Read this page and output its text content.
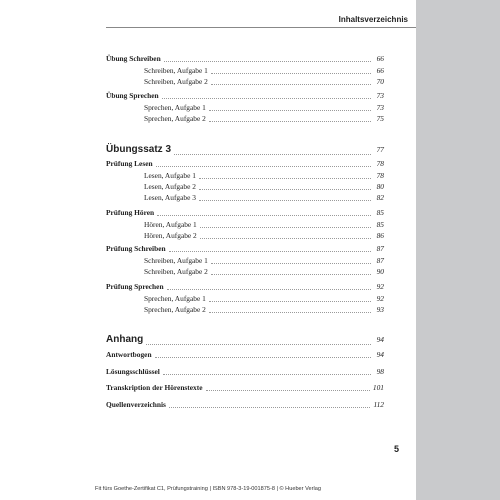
Inhaltsverzeichnis
Übung Schreiben	66
Schreiben, Aufgabe 1	66
Schreiben, Aufgabe 2	70
Übung Sprechen	73
Sprechen, Aufgabe 1	73
Sprechen, Aufgabe 2	75
Übungssatz 3	77
Prüfung Lesen	78
Lesen, Aufgabe 1	78
Lesen, Aufgabe 2	80
Lesen, Aufgabe 3	82
Prüfung Hören	85
Hören, Aufgabe 1	85
Hören, Aufgabe 2	86
Prüfung Schreiben	87
Schreiben, Aufgabe 1	87
Schreiben, Aufgabe 2	90
Prüfung Sprechen	92
Sprechen, Aufgabe 1	92
Sprechen, Aufgabe 2	93
Anhang	94
Antwortbogen	94
Lösungsschlüssel	98
Transkription der Hörenstexte	101
Quellenverzeichnis	112
5
Fit fürs Goethe-Zertifikat C1, Prüfungstraining | ISBN 978-3-19-001875-8 | © Hueber Verlag
